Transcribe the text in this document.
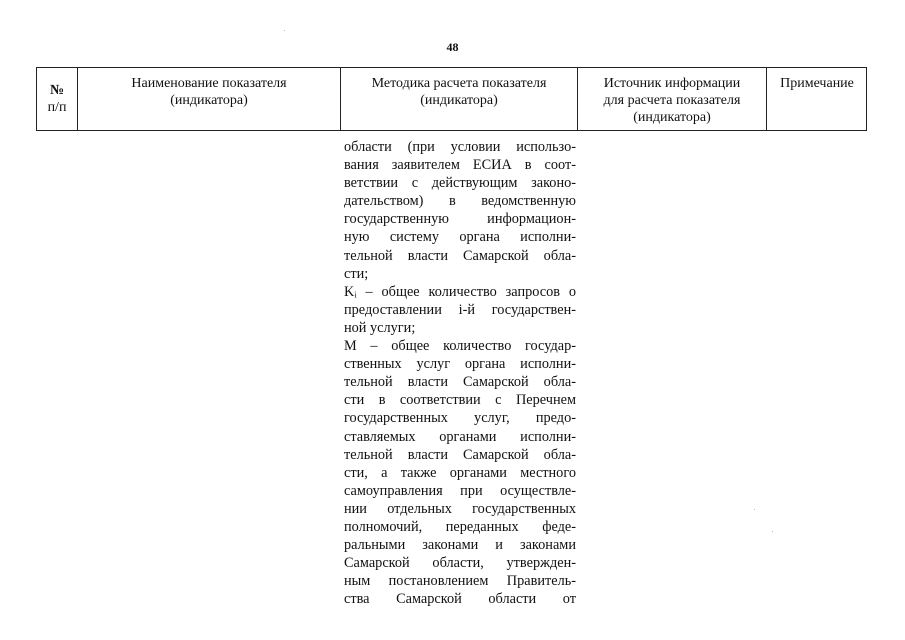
48
№
п/п
Наименование показателя
(индикатора)
Методика расчета показателя
(индикатора)
Источник информации
для расчета показателя
(индикатора)
Примечание
области (при условии использо-
вания заявителем ЕСИА в соот-
ветствии с действующим законо-
дательством) в ведомственную
государственную информацион-
ную систему органа исполни-
тельной власти Самарской обла-
сти;
Kᵢ – общее количество запросов о
предоставлении i-й государствен-
ной услуги;
М – общее количество государ-
ственных услуг органа исполни-
тельной власти Самарской обла-
сти в соответствии с Перечнем
государственных услуг, предо-
ставляемых органами исполни-
тельной власти Самарской обла-
сти, а также органами местного
самоуправления при осуществле-
нии отдельных государственных
полномочий, переданных феде-
ральными законами и законами
Самарской области, утвержден-
ным постановлением Правитель-
ства Самарской области от
